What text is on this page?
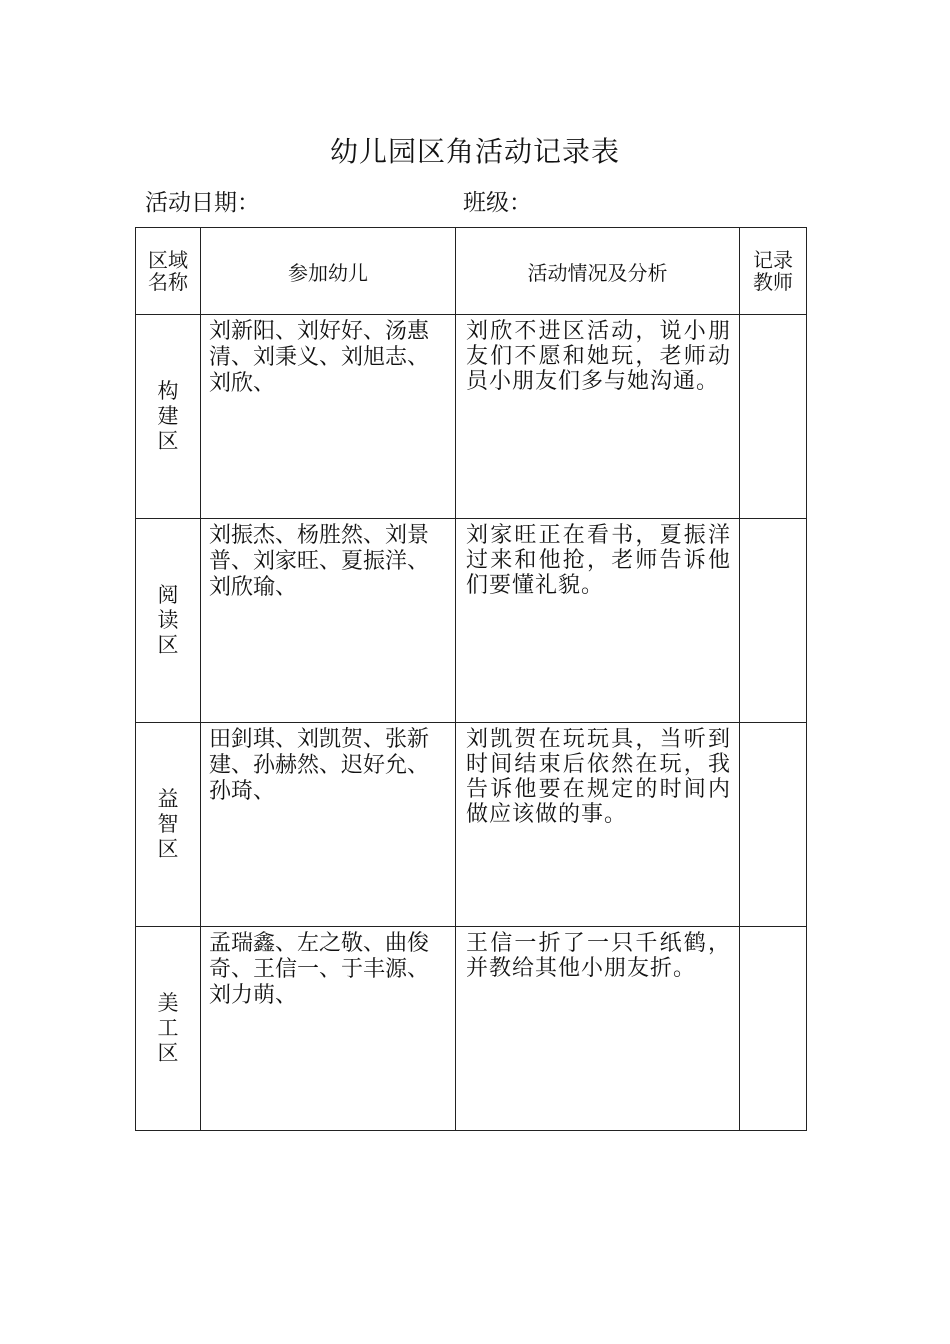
幼儿园区角活动记录表
活动日期：	班级：
区域名称	参加幼儿	活动情况及分析	记录教师

构建区	刘新阳、刘好好、汤惠清、刘秉义、刘旭志、刘欣、	刘欣不进区活动，说小朋友们不愿和她玩，老师动员小朋友们多与她沟通。	
阅读区	刘振杰、杨胜然、刘景普、刘家旺、夏振洋、刘欣瑜、	刘家旺正在看书，夏振洋过来和他抢，老师告诉他们要懂礼貌。	
益智区	田釗琪、刘凯贺、张新建、孙赫然、迟好允、孙琦、	刘凯贺在玩玩具，当听到时间结束后依然在玩，我告诉他要在规定的时间内做应该做的事。	
美工区	孟瑞鑫、左之敬、曲俊奇、王信一、于丰源、刘力萌、	王信一折了一只千纸鹤，并教给其他小朋友折。	
